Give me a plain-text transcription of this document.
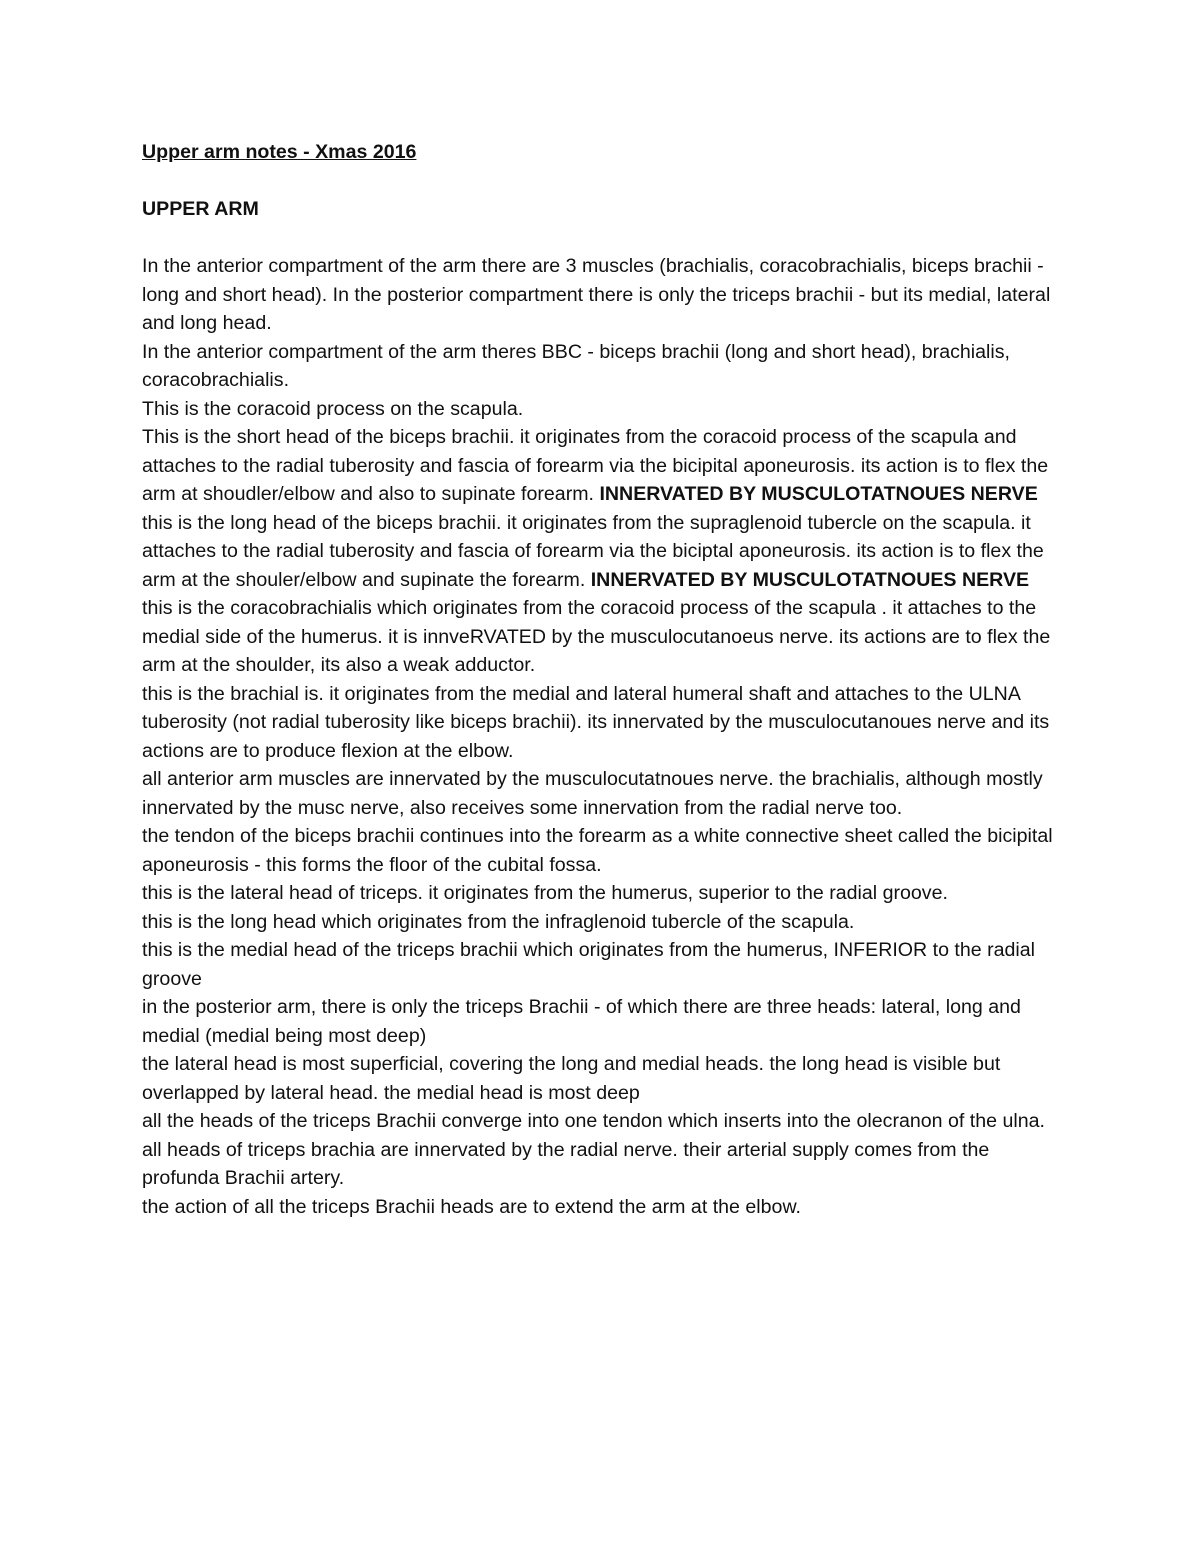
Upper arm notes - Xmas 2016

UPPER ARM

In the anterior compartment of the arm there are 3 muscles (brachialis, coracobrachialis, biceps brachii - long and short head). In the posterior compartment there is only the triceps brachii - but its medial, lateral and long head.

In the anterior compartment of the arm theres BBC - biceps brachii (long and short head), brachialis, coracobrachialis.

This is the coracoid process on the scapula.

This is the short head of the biceps brachii. it originates from the coracoid process of the scapula and attaches to the radial tuberosity and fascia of forearm via the bicipital aponeurosis. its action is to flex the arm at shoudler/elbow and also to supinate forearm. INNERVATED BY MUSCULOTATNOUES NERVE

this is the long head of the biceps brachii. it originates from the supraglenoid tubercle on the scapula. it attaches to the radial tuberosity and fascia of forearm via the biciptal aponeurosis. its action is to flex the arm at the shouler/elbow and supinate the forearm. INNERVATED BY MUSCULOTATNOUES NERVE

this is the coracobrachialis which originates from the coracoid process of the scapula . it attaches to the medial side of the humerus. it is innveRVATED by the musculocutanoeus nerve. its actions are to flex the arm at the shoulder, its also a weak adductor.

this is the brachial is. it originates from the medial and lateral humeral shaft and attaches to the ULNA tuberosity (not radial tuberosity like biceps brachii). its innervated by the musculocutanoues nerve and its actions are to produce flexion at the elbow.

all anterior arm muscles are innervated by the musculocutatnoues nerve. the brachialis, although mostly innervated by the musc nerve, also receives some innervation from the radial nerve too.

the tendon of the biceps brachii continues into the forearm as a white connective sheet called the bicipital aponeurosis - this forms the floor of the cubital fossa.

this is the lateral head of triceps. it originates from the humerus, superior to the radial groove.

this is the long head which originates from the infraglenoid tubercle of the scapula.

this is the medial head of the triceps brachii which originates from the humerus, INFERIOR to the radial groove

in the posterior arm, there is only the triceps Brachii - of which there are three heads: lateral, long and medial (medial being most deep)

the lateral head is most superficial, covering the long and medial heads. the long head is visible but overlapped by lateral head. the medial head is most deep

all the heads of the triceps Brachii converge into one tendon which inserts into the olecranon of the ulna.

all heads of triceps brachia are innervated by the radial nerve. their arterial supply comes from the profunda Brachii artery.

the action of all the triceps Brachii heads are to extend the arm at the elbow.
